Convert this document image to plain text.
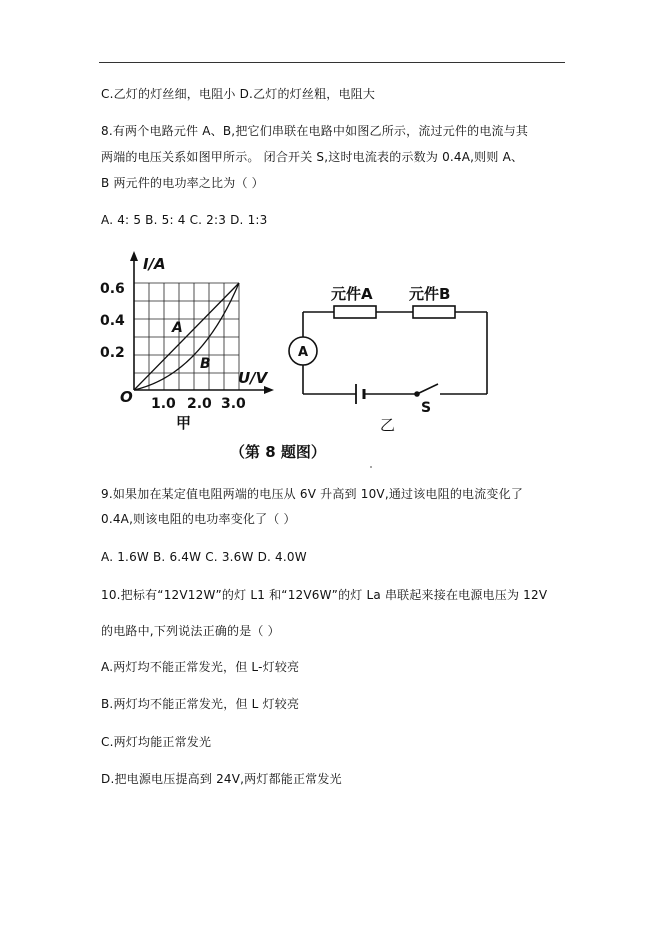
C.乙灯的灯丝细，电阻小 D.乙灯的灯丝粗，电阻大
8.有两个电路元件 A、B,把它们串联在电路中如图乙所示，流过元件的电流与其
两端的电压关系如图甲所示。 闭合开关 S,这时电流表的示数为 0.4A,则则 A、
B 两元件的电功率之比为（ ）
A. 4: 5 B. 5: 4 C. 2:3 D. 1:3
I/A
U/V
O
0.6
0.4
0.2
1.0 2.0 3.0
A
B
甲
元件A 元件B
A
S
乙
（第 8 题图）
9.如果加在某定值电阻两端的电压从 6V 升高到 10V,通过该电阻的电流变化了
0.4A,则该电阻的电功率变化了（ ）
A. 1.6W B. 6.4W C. 3.6W D. 4.0W
10.把标有“12V12W”的灯 L1 和“12V6W”的灯 La 串联起来接在电源电压为 12V
的电路中,下列说法正确的是（ ）
A.两灯均不能正常发光，但 L-灯较亮
B.两灯均不能正常发光，但 L 灯较亮
C.两灯均能正常发光
D.把电源电压提高到 24V,两灯都能正常发光
